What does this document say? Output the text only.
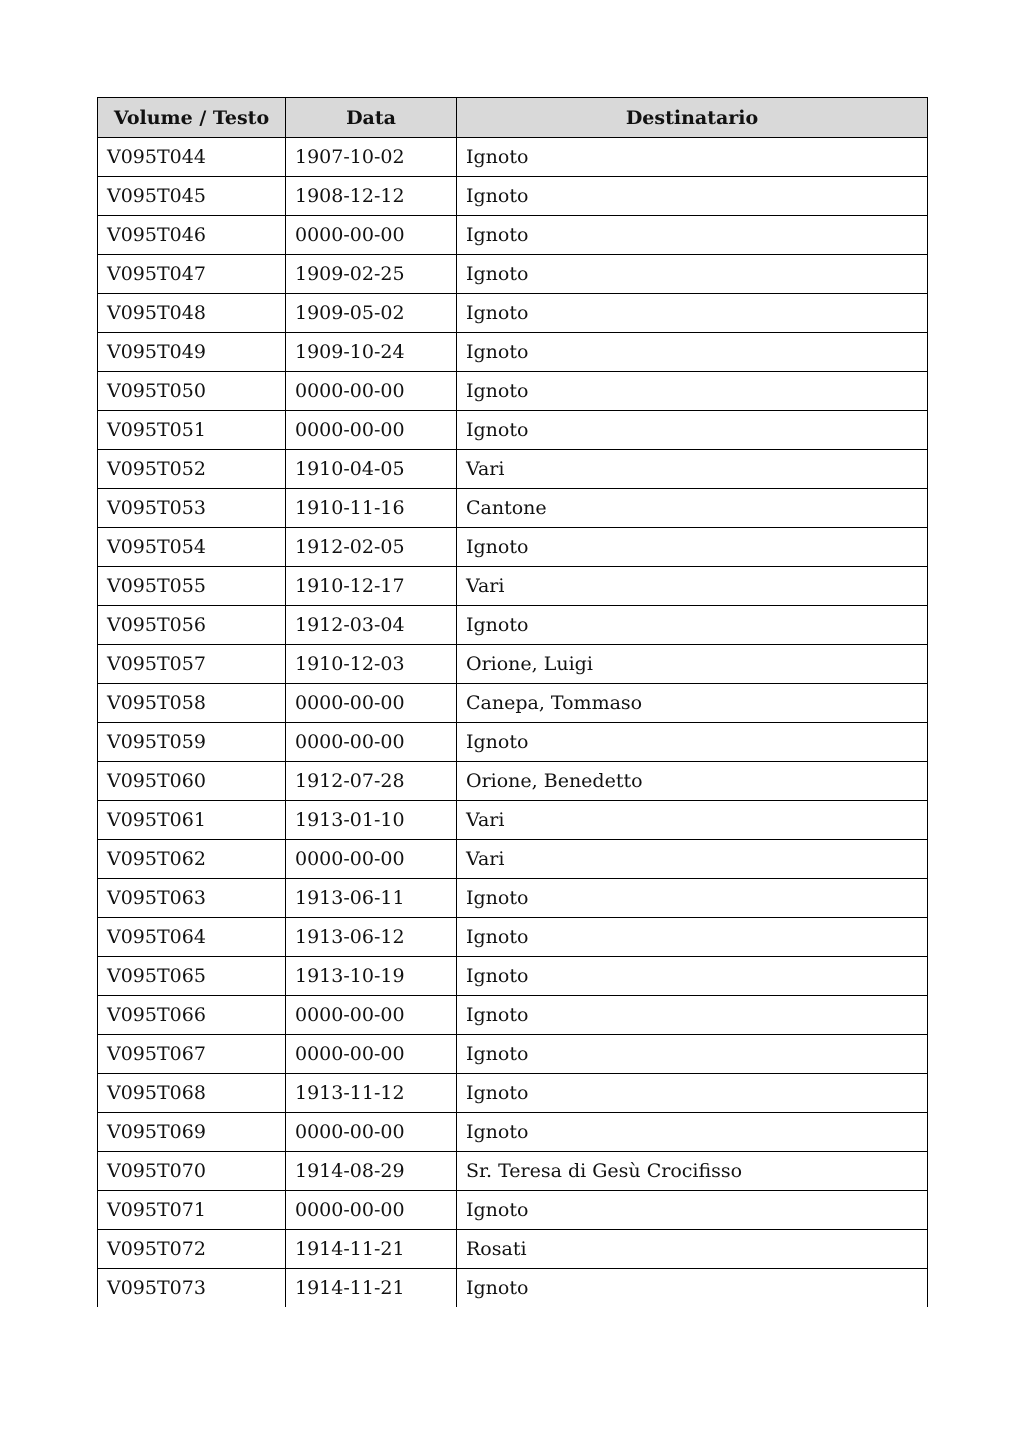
Volume / Testo	Data	Destinatario
V095T044	1907-10-02	Ignoto
V095T045	1908-12-12	Ignoto
V095T046	0000-00-00	Ignoto
V095T047	1909-02-25	Ignoto
V095T048	1909-05-02	Ignoto
V095T049	1909-10-24	Ignoto
V095T050	0000-00-00	Ignoto
V095T051	0000-00-00	Ignoto
V095T052	1910-04-05	Vari
V095T053	1910-11-16	Cantone
V095T054	1912-02-05	Ignoto
V095T055	1910-12-17	Vari
V095T056	1912-03-04	Ignoto
V095T057	1910-12-03	Orione, Luigi
V095T058	0000-00-00	Canepa, Tommaso
V095T059	0000-00-00	Ignoto
V095T060	1912-07-28	Orione, Benedetto
V095T061	1913-01-10	Vari
V095T062	0000-00-00	Vari
V095T063	1913-06-11	Ignoto
V095T064	1913-06-12	Ignoto
V095T065	1913-10-19	Ignoto
V095T066	0000-00-00	Ignoto
V095T067	0000-00-00	Ignoto
V095T068	1913-11-12	Ignoto
V095T069	0000-00-00	Ignoto
V095T070	1914-08-29	Sr. Teresa di Gesù Crocifisso
V095T071	0000-00-00	Ignoto
V095T072	1914-11-21	Rosati
V095T073	1914-11-21	Ignoto
